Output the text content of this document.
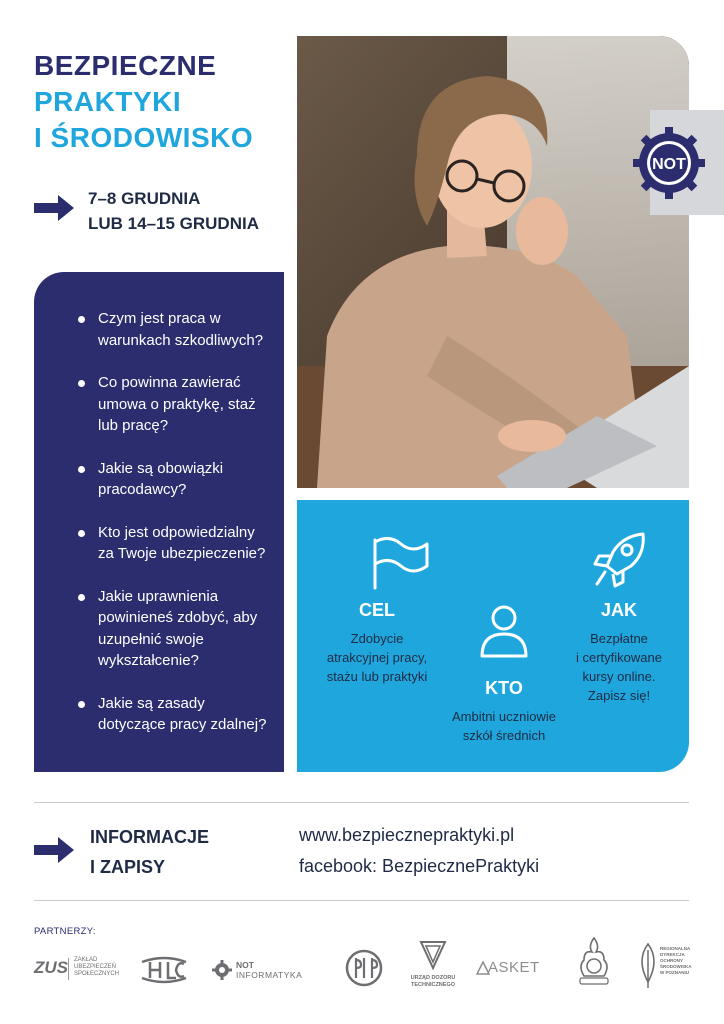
BEZPIECZNE
PRAKTYKI
I ŚRODOWISKO
7–8 GRUDNIA
LUB 14–15 GRUDNIA
NOT
Czym jest praca w warunkach szkodliwych?
Co powinna zawierać umowa o praktykę, staż lub pracę?
Jakie są obowiązki pracodawcy?
Kto jest odpowiedzialny za Twoje ubezpieczenie?
Jakie uprawnienia powinieneś zdobyć, aby uzupełnić swoje wykształcenie?
Jakie są zasady dotyczące pracy zdalnej?
CEL
Zdobycie
atrakcyjnej pracy,
stażu lub praktyki
KTO
Ambitni uczniowie
szkół średnich
JAK
Bezpłatne
i certyfikowane
kursy online.
Zapisz się!
INFORMACJE
I ZAPISY
www.bezpiecznepraktyki.pl
facebook: BezpiecznePraktyki
PARTNERZY:
ZUS ZAKŁAD
UBEZPIECZEŃ
SPOŁECZNYCH
NOT
INFORMATYKA	URZĄD DOZORU
TECHNICZNEGO
ASKET
REGIONALNA
DYREKCJA
OCHRONY
ŚRODOWISKA
W POZNANIU
